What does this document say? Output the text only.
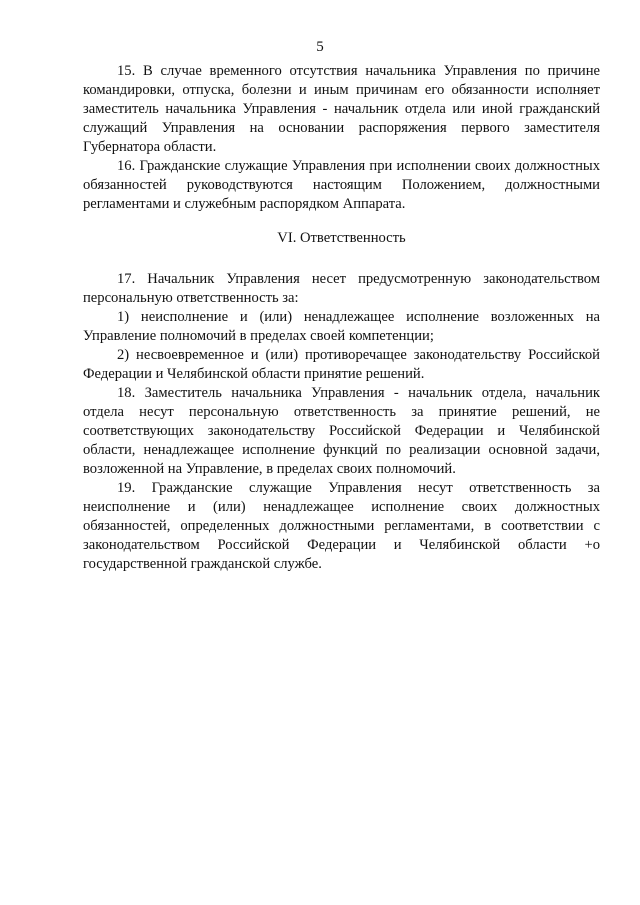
5

15. В случае временного отсутствия начальника Управления по причине командировки, отпуска, болезни и иным причинам его обязанности исполняет заместитель начальника Управления - начальник отдела или иной гражданский служащий Управления на основании распоряжения первого заместителя Губернатора области.

16. Гражданские служащие Управления при исполнении своих должностных обязанностей руководствуются настоящим Положением, должностными регламентами и служебным распорядком Аппарата.

VI. Ответственность

17. Начальник Управления несет предусмотренную законодательством персональную ответственность за:

1) неисполнение и (или) ненадлежащее исполнение возложенных на Управление полномочий в пределах своей компетенции;

2) несвоевременное и (или) противоречащее законодательству Российской Федерации и Челябинской области принятие решений.

18. Заместитель начальника Управления - начальник отдела, начальник отдела несут персональную ответственность за принятие решений, не соответствующих законодательству Российской Федерации и Челябинской области, ненадлежащее исполнение функций по реализации основной задачи, возложенной на Управление, в пределах своих полномочий.

19. Гражданские служащие Управления несут ответственность за неисполнение и (или) ненадлежащее исполнение своих должностных обязанностей, определенных должностными регламентами, в соответствии с законодательством Российской Федерации и Челябинской области +о государственной гражданской службе.
